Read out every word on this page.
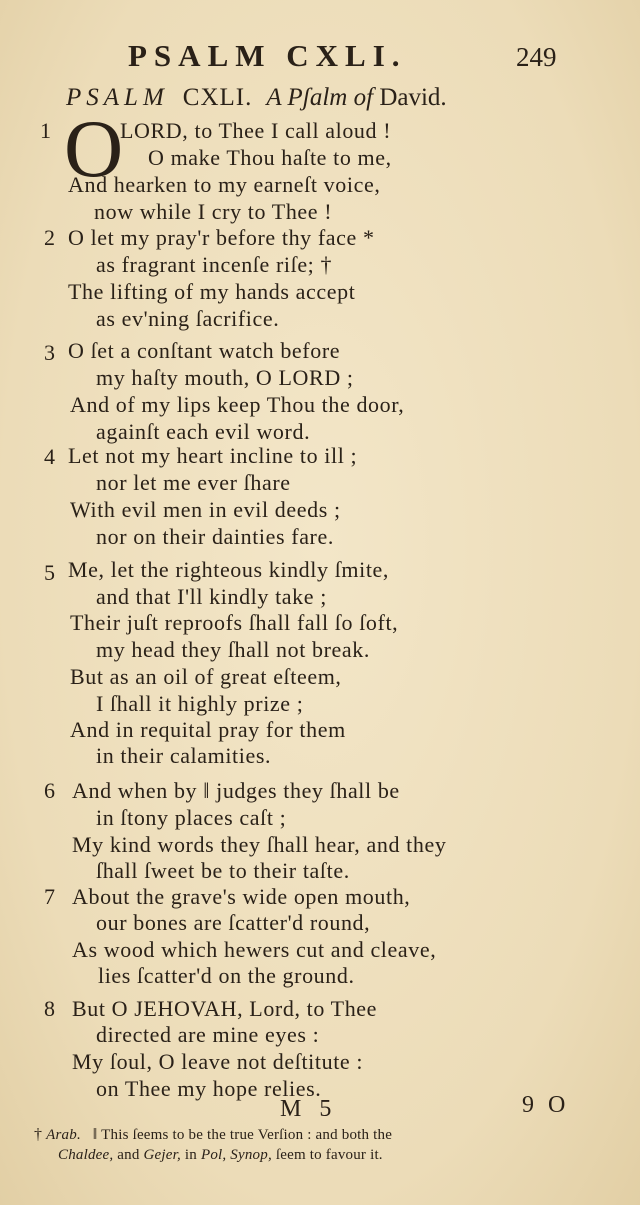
PSALM CXLI.	249
PSALM CXLI. A Pʃalm of David.
1 O
LORD, to Thee I call aloud !
O make Thou haſte to me,
And hearken to my earneſt voice,
now while I cry to Thee !
2 O let my pray'r before thy face *
as fragrant incenſe riſe; †
The lifting of my hands accept
as ev'ning ſacrifice.
3 O ſet a conſtant watch before
my haſty mouth, O LORD ;
And of my lips keep Thou the door,
againſt each evil word.
4 Let not my heart incline to ill ;
nor let me ever ſhare
With evil men in evil deeds ;
nor on their dainties fare.
5 Me, let the righteous kindly ſmite,
and that I'll kindly take ;
Their juſt reproofs ſhall fall ſo ſoft,
my head they ſhall not break.
But as an oil of great eſteem,
I ſhall it highly prize ;
And in requital pray for them
in their calamities.
6 And when by ‖ judges they ſhall be
in ſtony places caſt ;
My kind words they ſhall hear, and they
ſhall ſweet be to their taſte.
7 About the grave's wide open mouth,
our bones are ſcatter'd round,
As wood which hewers cut and cleave,
lies ſcatter'd on the ground.
8 But O JEHOVAH, Lord, to Thee
directed are mine eyes :
My ſoul, O leave not deſtitute :
on Thee my hope relies.
M 5	9 O
† Arab. ‖ This ſeems to be the true Verſion : and both the
Chaldee, and Gejer, in Pol, Synop, ſeem to favour it.
